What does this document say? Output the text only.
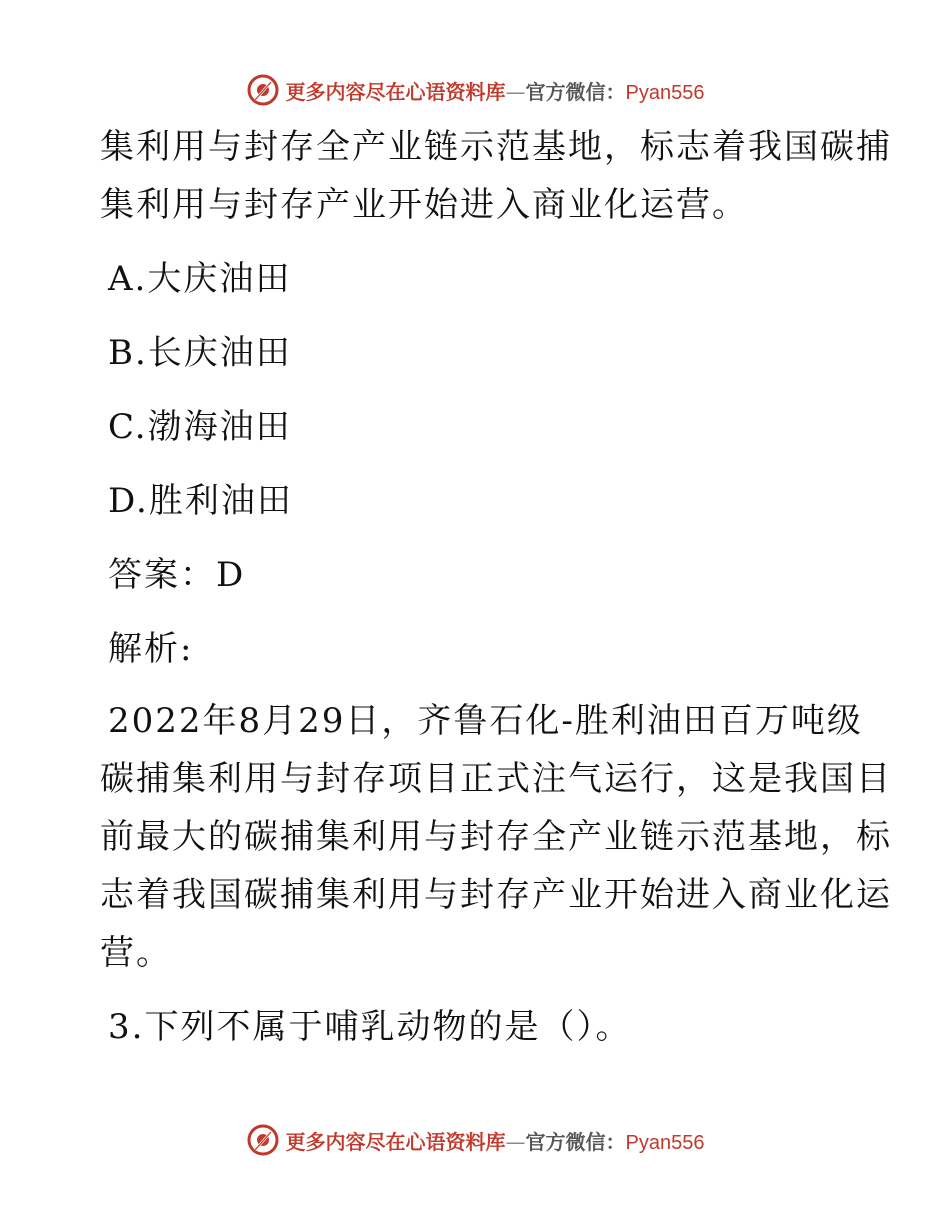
更多内容尽在心语资料库—官方微信：Pyan556
集利用与封存全产业链示范基地，标志着我国碳捕
集利用与封存产业开始进入商业化运营。
A.大庆油田
B.长庆油田
C.渤海油田
D.胜利油田
答案：D
解析:
2022年8月29日，齐鲁石化-胜利油田百万吨级
碳捕集利用与封存项目正式注气运行，这是我国目
前最大的碳捕集利用与封存全产业链示范基地，标
志着我国碳捕集利用与封存产业开始进入商业化运
营。
3.下列不属于哺乳动物的是（）。
更多内容尽在心语资料库—官方微信：Pyan556
